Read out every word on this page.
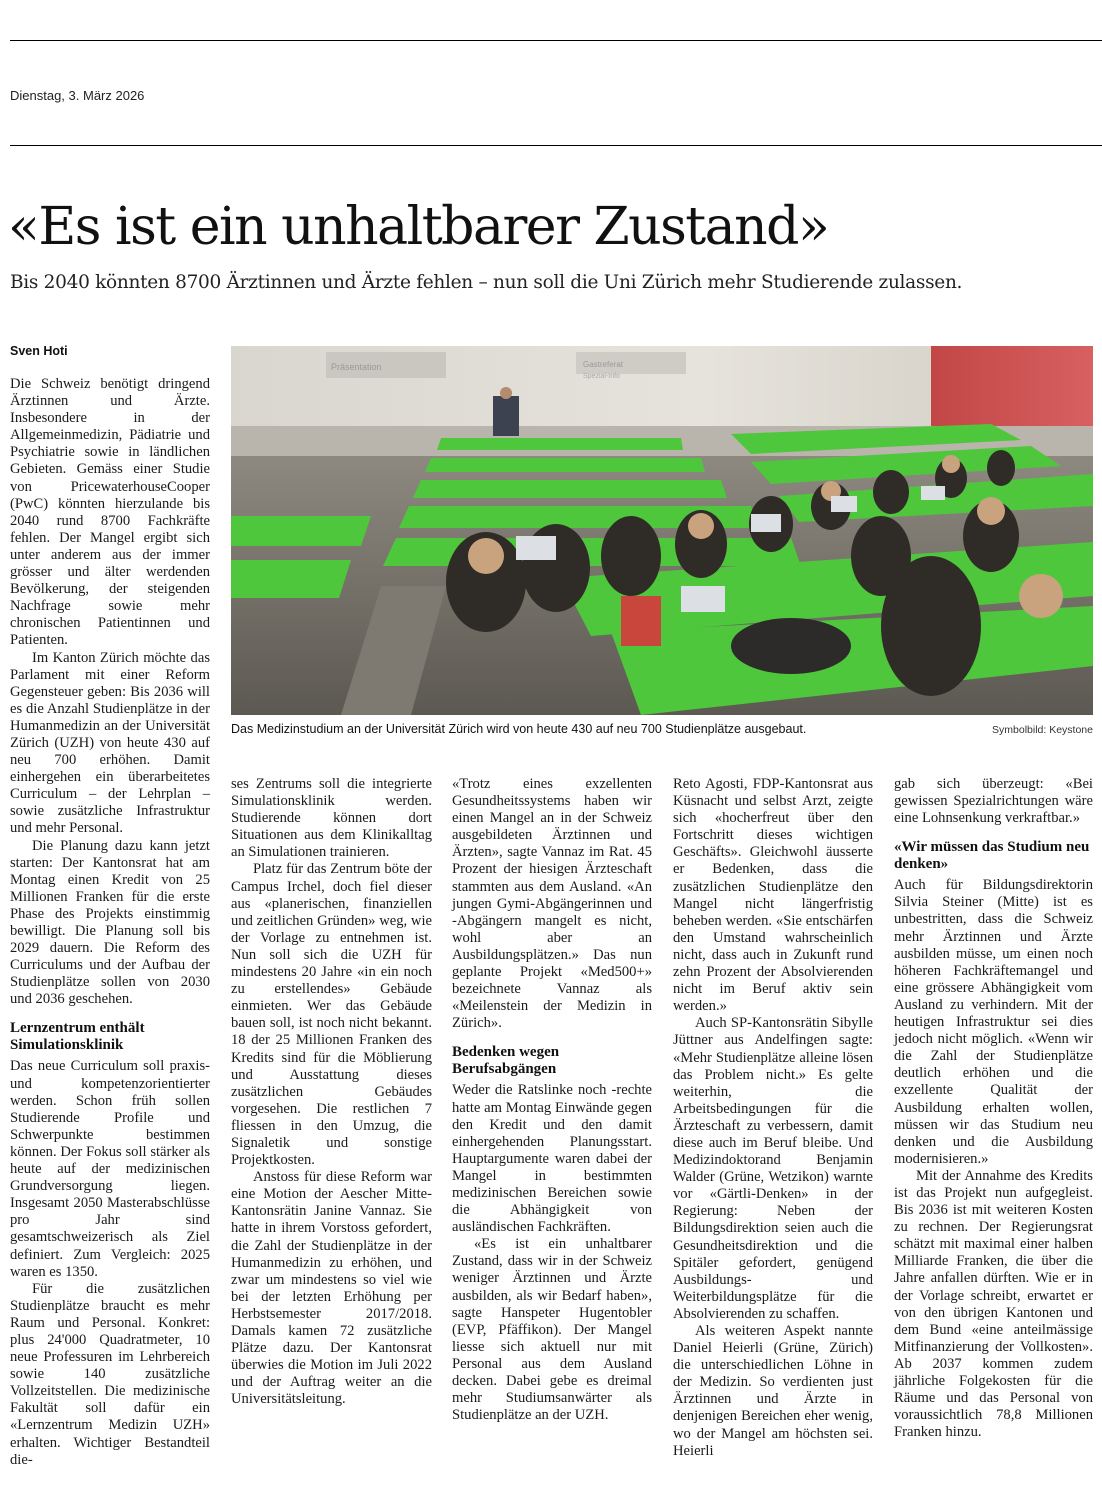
Dienstag, 3. März 2026
«Es ist ein unhaltbarer Zustand»

Bis 2040 könnten 8700 Ärztinnen und Ärzte fehlen – nun soll die Uni Zürich mehr Studierende zulassen.

Sven Hoti
Präsentation	Gastreferat
Spezial-Info
Das Medizinstudium an der Universität Zürich wird von heute 430 auf neu 700 Studienplätze ausgebaut.	Symbolbild: Keystone

Die Schweiz benötigt dringend Ärztinnen und Ärzte. Insbesondere in der Allgemeinmedizin, Pädiatrie und Psychiatrie sowie in ländlichen Gebieten. Gemäss einer Studie von PricewaterhouseCooper (PwC) könnten hierzulande bis 2040 rund 8700 Fachkräfte fehlen. Der Mangel ergibt sich unter anderem aus der immer grösser und älter werdenden Bevölkerung, der steigenden Nachfrage sowie mehr chronischen Patientinnen und Patienten.

Im Kanton Zürich möchte das Parlament mit einer Reform Gegensteuer geben: Bis 2036 will es die Anzahl Studienplätze in der Humanmedizin an der Universität Zürich (UZH) von heute 430 auf neu 700 erhöhen. Damit einhergehen ein überarbeitetes Curriculum – der Lehrplan – sowie zusätzliche Infrastruktur und mehr Personal.

Die Planung dazu kann jetzt starten: Der Kantonsrat hat am Montag einen Kredit von 25 Millionen Franken für die erste Phase des Projekts einstimmig bewilligt. Die Planung soll bis 2029 dauern. Die Reform des Curriculums und der Aufbau der Studienplätze sollen von 2030 und 2036 geschehen.

Lernzentrum enthält Simulationsklinik

Das neue Curriculum soll praxis- und kompetenzorientierter werden. Schon früh sollen Studierende Profile und Schwerpunkte bestimmen können. Der Fokus soll stärker als heute auf der medizinischen Grundversorgung liegen. Insgesamt 2050 Masterabschlüsse pro Jahr sind gesamtschweizerisch als Ziel definiert. Zum Vergleich: 2025 waren es 1350.

Für die zusätzlichen Studienplätze braucht es mehr Raum und Personal. Konkret: plus 24'000 Quadratmeter, 10 neue Professuren im Lehrbereich sowie 140 zusätzliche Vollzeitstellen. Die medizinische Fakultät soll dafür ein «Lernzentrum Medizin UZH» erhalten. Wichtiger Bestandteil die-

ses Zentrums soll die integrierte Simulationsklinik werden. Studierende können dort Situationen aus dem Klinikalltag an Simulationen trainieren.

Platz für das Zentrum böte der Campus Irchel, doch fiel dieser aus «planerischen, finanziellen und zeitlichen Gründen» weg, wie der Vorlage zu entnehmen ist. Nun soll sich die UZH für mindestens 20 Jahre «in ein noch zu erstellendes» Gebäude einmieten. Wer das Gebäude bauen soll, ist noch nicht bekannt. 18 der 25 Millionen Franken des Kredits sind für die Möblierung und Ausstattung dieses zusätzlichen Gebäudes vorgesehen. Die restlichen 7 fliessen in den Umzug, die Signaletik und sonstige Projektkosten.

Anstoss für diese Reform war eine Motion der Aescher Mitte-Kantonsrätin Janine Vannaz. Sie hatte in ihrem Vorstoss gefordert, die Zahl der Studienplätze in der Humanmedizin zu erhöhen, und zwar um mindestens so viel wie bei der letzten Erhöhung per Herbstsemester 2017/2018. Damals kamen 72 zusätzliche Plätze dazu. Der Kantonsrat überwies die Motion im Juli 2022 und der Auftrag weiter an die Universitätsleitung.

«Trotz eines exzellenten Gesundheitssystems haben wir einen Mangel an in der Schweiz ausgebildeten Ärztinnen und Ärzten», sagte Vannaz im Rat. 45 Prozent der hiesigen Ärzteschaft stammten aus dem Ausland. «An jungen Gymi-Abgängerinnen und -Abgängern mangelt es nicht, wohl aber an Ausbildungsplätzen.» Das nun geplante Projekt «Med500+» bezeichnete Vannaz als «Meilenstein der Medizin in Zürich».

Bedenken wegen Berufsabgängen

Weder die Ratslinke noch -rechte hatte am Montag Einwände gegen den Kredit und den damit einhergehenden Planungsstart. Hauptargumente waren dabei der Mangel in bestimmten medizinischen Bereichen sowie die Abhängigkeit von ausländischen Fachkräften.

«Es ist ein unhaltbarer Zustand, dass wir in der Schweiz weniger Ärztinnen und Ärzte ausbilden, als wir Bedarf haben», sagte Hanspeter Hugentobler (EVP, Pfäffikon). Der Mangel liesse sich aktuell nur mit Personal aus dem Ausland decken. Dabei gebe es dreimal mehr Studiumsanwärter als Studienplätze an der UZH.

Reto Agosti, FDP-Kantonsrat aus Küsnacht und selbst Arzt, zeigte sich «hocherfreut über den Fortschritt dieses wichtigen Geschäfts». Gleichwohl äusserte er Bedenken, dass die zusätzlichen Studienplätze den Mangel nicht längerfristig beheben werden. «Sie entschärfen den Umstand wahrscheinlich nicht, dass auch in Zukunft rund zehn Prozent der Absolvierenden nicht im Beruf aktiv sein werden.»

Auch SP-Kantonsrätin Sibylle Jüttner aus Andelfingen sagte: «Mehr Studienplätze alleine lösen das Problem nicht.» Es gelte weiterhin, die Arbeitsbedingungen für die Ärzteschaft zu verbessern, damit diese auch im Beruf bleibe. Und Medizindoktorand Benjamin Walder (Grüne, Wetzikon) warnte vor «Gärtli-Denken» in der Regierung: Neben der Bildungsdirektion seien auch die Gesundheitsdirektion und die Spitäler gefordert, genügend Ausbildungs- und Weiterbildungsplätze für die Absolvierenden zu schaffen.

Als weiteren Aspekt nannte Daniel Heierli (Grüne, Zürich) die unterschiedlichen Löhne in der Medizin. So verdienten just Ärztinnen und Ärzte in denjenigen Bereichen eher wenig, wo der Mangel am höchsten sei. Heierli

gab sich überzeugt: «Bei gewissen Spezialrichtungen wäre eine Lohnsenkung verkraftbar.»

«Wir müssen das Studium neu denken»

Auch für Bildungsdirektorin Silvia Steiner (Mitte) ist es unbestritten, dass die Schweiz mehr Ärztinnen und Ärzte ausbilden müsse, um einen noch höheren Fachkräftemangel und eine grössere Abhängigkeit vom Ausland zu verhindern. Mit der heutigen Infrastruktur sei dies jedoch nicht möglich. «Wenn wir die Zahl der Studienplätze deutlich erhöhen und die exzellente Qualität der Ausbildung erhalten wollen, müssen wir das Studium neu denken und die Ausbildung modernisieren.»

Mit der Annahme des Kredits ist das Projekt nun aufgegleist. Bis 2036 ist mit weiteren Kosten zu rechnen. Der Regierungsrat schätzt mit maximal einer halben Milliarde Franken, die über die Jahre anfallen dürften. Wie er in der Vorlage schreibt, erwartet er von den übrigen Kantonen und dem Bund «eine anteilmässige Mitfinanzierung der Vollkosten». Ab 2037 kommen zudem jährliche Folgekosten für die Räume und das Personal von voraussichtlich 78,8 Millionen Franken hinzu.
